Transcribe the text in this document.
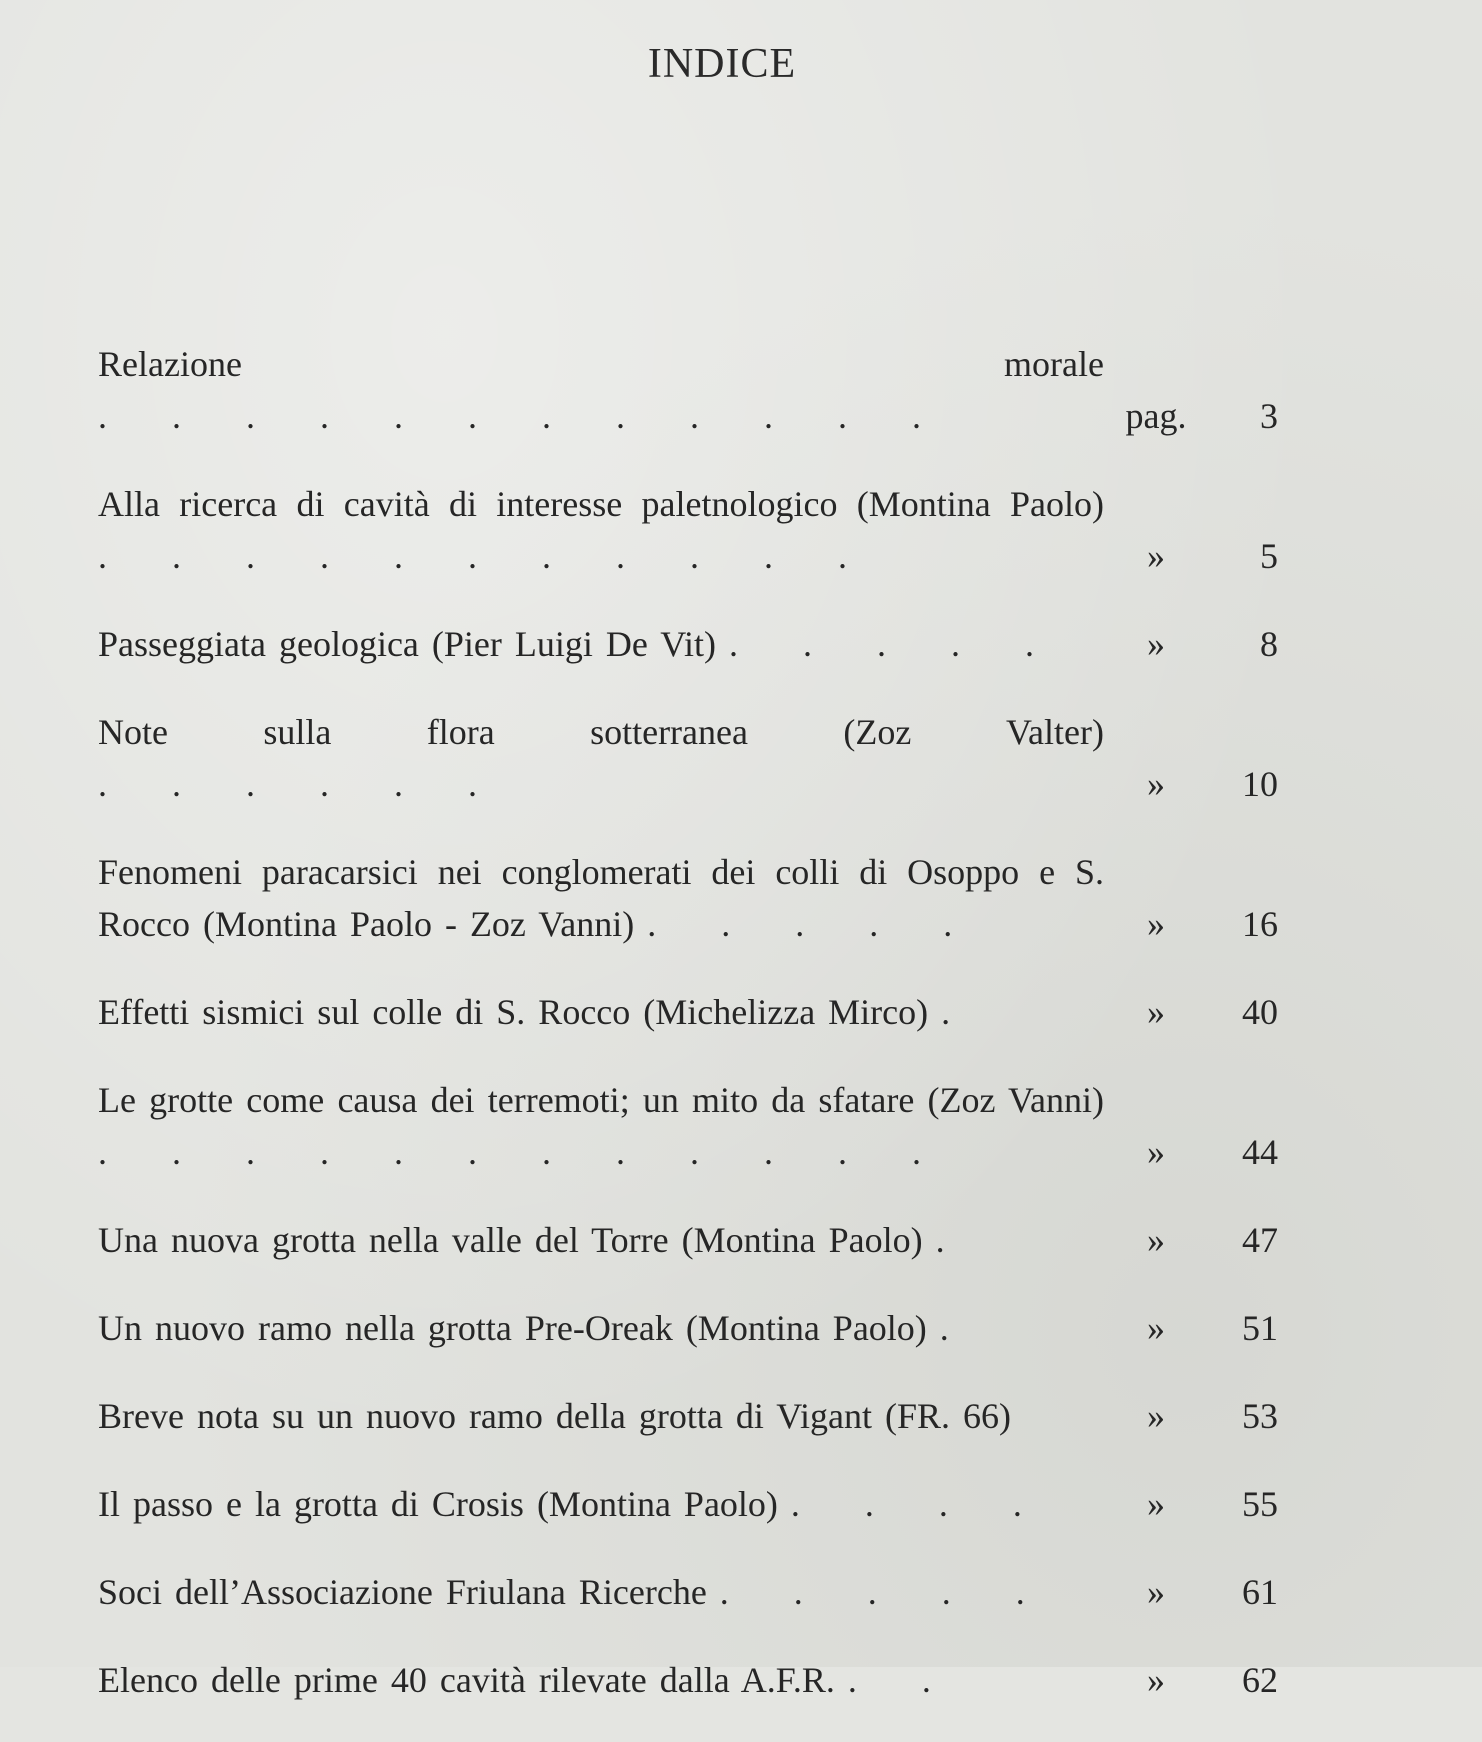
INDICE
Relazione morale . . . . . . . . . . . .	pag.	3
Alla ricerca di cavità di interesse paletnologico (Montina Paolo) . . . . . . . . . . .	»	5
Passeggiata geologica (Pier Luigi De Vit) . . . . .	»	8
Note sulla flora sotterranea (Zoz Valter) . . . . . .	»	10
Fenomeni paracarsici nei conglomerati dei colli di Osoppo e S. Rocco (Montina Paolo - Zoz Vanni) . . . . .	»	16
Effetti sismici sul colle di S. Rocco (Michelizza Mirco) .	»	40
Le grotte come causa dei terremoti; un mito da sfatare (Zoz Vanni) . . . . . . . . . . . .	»	44
Una nuova grotta nella valle del Torre (Montina Paolo) .	»	47
Un nuovo ramo nella grotta Pre-Oreak (Montina Paolo) .	»	51
Breve nota su un nuovo ramo della grotta di Vigant (FR. 66)	»	53
Il passo e la grotta di Crosis (Montina Paolo) . . . .	»	55
Soci dell’Associazione Friulana Ricerche . . . . .	»	61
Elenco delle prime 40 cavità rilevate dalla A.F.R. . .	»	62
